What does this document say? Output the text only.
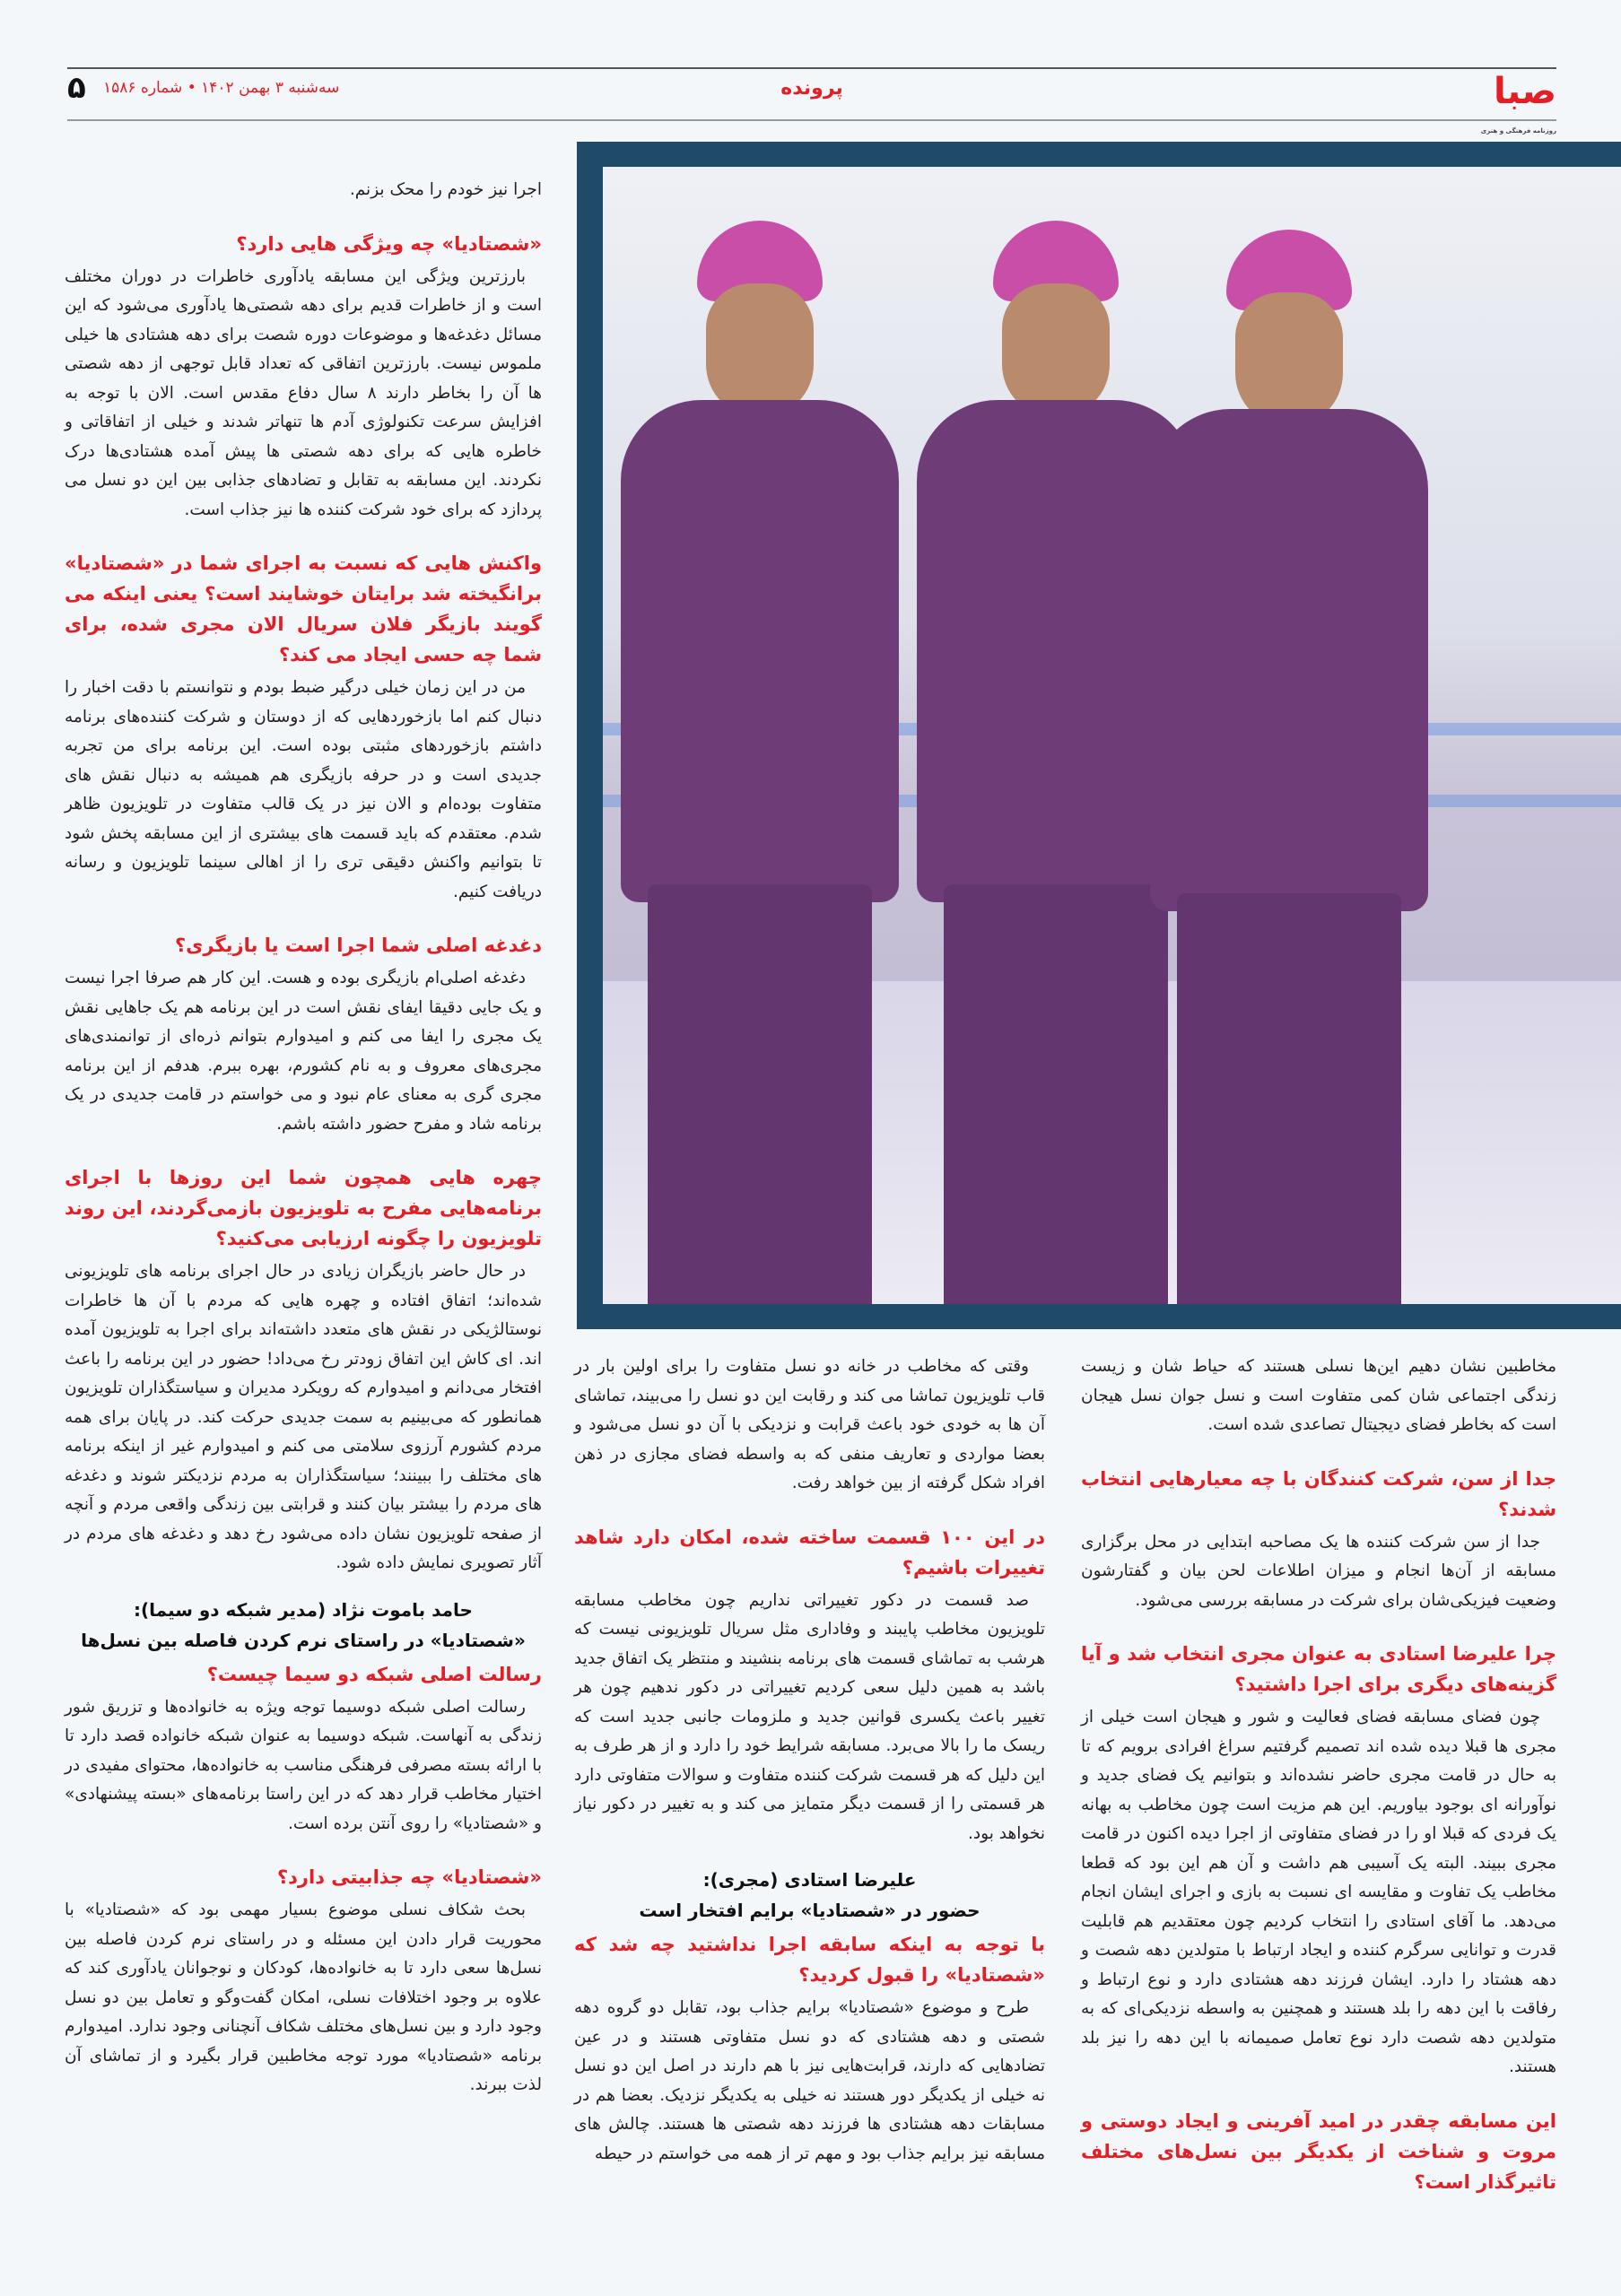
صبا
روزنامه فرهنگی و هنری
پرونده
سه‌شنبه ۳ بهمن ۱۴۰۲ • شماره ۱۵۸۶
۵

اجرا نیز خودم را محک بزنم.

«شصتادیا» چه ویژگی هایی دارد؟

بارزترین ویژگی این مسابقه یادآوری خاطرات در دوران مختلف است و از خاطرات قدیم برای دهه شصتی‌ها یادآوری می‌شود که این مسائل دغدغه‌ها و موضوعات دوره شصت برای دهه هشتادی ها خیلی ملموس نیست. بارزترین اتفاقی که تعداد قابل توجهی از دهه شصتی ها آن را بخاطر دارند ۸ سال دفاع مقدس است. الان با توجه به افزایش سرعت تکنولوژی آدم ها تنهاتر شدند و خیلی از اتفاقاتی و خاطره هایی که برای دهه شصتی ها پیش آمده هشتادی‌ها درک نکردند. این مسابقه به تقابل و تضادهای جذابی بین این دو نسل می پردازد که برای خود شرکت کننده ها نیز جذاب است.

واکنش هایی که نسبت به اجرای شما در «شصتادیا» برانگیخته شد برایتان خوشایند است؟ یعنی اینکه می گویند بازیگر فلان سریال الان مجری شده، برای شما چه حسی ایجاد می کند؟

من در این زمان خیلی درگیر ضبط بودم و نتوانستم با دقت اخبار را دنبال کنم اما بازخوردهایی که از دوستان و شرکت کننده‌های برنامه داشتم بازخوردهای مثبتی بوده است. این برنامه برای من تجربه جدیدی است و در حرفه بازیگری هم همیشه به دنبال نقش های متفاوت بوده‌ام و الان نیز در یک قالب متفاوت در تلویزیون ظاهر شدم. معتقدم که باید قسمت های بیشتری از این مسابقه پخش شود تا بتوانیم واکنش دقیقی تری را از اهالی سینما تلویزیون و رسانه دریافت کنیم.

دغدغه اصلی شما اجرا است یا بازیگری؟

دغدغه اصلی‌ام بازیگری بوده و هست. این کار هم صرفا اجرا نیست و یک جایی دقیقا ایفای نقش است در این برنامه هم یک جاهایی نقش یک مجری را ایفا می کنم و امیدوارم بتوانم ذره‌ای از توانمندی‌های مجری‌های معروف و به نام کشورم، بهره ببرم. هدفم از این برنامه مجری گری به معنای عام نبود و می خواستم در قامت جدیدی در یک برنامه شاد و مفرح حضور داشته باشم.

چهره هایی همچون شما این روزها با اجرای برنامه‌هایی مفرح به تلویزیون بازمی‌گردند، این روند تلویزیون را چگونه ارزیابی می‌کنید؟

در حال حاضر بازیگران زیادی در حال اجرای برنامه های تلویزیونی شده‌اند؛ اتفاق افتاده و چهره هایی که مردم با آن ها خاطرات نوستالژیکی در نقش های متعدد داشته‌اند برای اجرا به تلویزیون آمده اند. ای کاش این اتفاق زودتر رخ می‌داد! حضور در این برنامه را باعث افتخار می‌دانم و امیدوارم که رویکرد مدیران و سیاستگذاران تلویزیون همانطور که می‌بینیم به سمت جدیدی حرکت کند. در پایان برای همه مردم کشورم آرزوی سلامتی می کنم و امیدوارم غیر از اینکه برنامه های مختلف را ببینند؛ سیاستگذاران به مردم نزدیکتر شوند و دغدغه های مردم را بیشتر بیان کنند و قرابتی بین زندگی واقعی مردم و آنچه از صفحه تلویزیون نشان داده می‌شود رخ دهد و دغدغه های مردم در آثار تصویری نمایش داده شود.

حامد باموت نژاد (مدیر شبکه دو سیما):
«شصتادیا» در راستای نرم کردن فاصله بین نسل‌ها
رسالت اصلی شبکه دو سیما چیست؟

رسالت اصلی شبکه دوسیما توجه ویژه به خانواده‌ها و تزریق شور زندگی به آنهاست. شبکه دوسیما به عنوان شبکه خانواده قصد دارد تا با ارائه بسته مصرفی فرهنگی مناسب به خانواده‌ها، محتوای مفیدی در اختیار مخاطب قرار دهد که در این راستا برنامه‌های «بسته پیشنهادی» و «شصتادیا» را روی آنتن برده است.

«شصتادیا» چه جذابیتی دارد؟

بحث شکاف نسلی موضوع بسیار مهمی بود که «شصتادیا» با محوریت قرار دادن این مسئله و در راستای نرم کردن فاصله بین نسل‌ها سعی دارد تا به خانواده‌ها، کودکان و نوجوانان یادآوری کند که علاوه بر وجود اختلافات نسلی، امکان گفت‌وگو و تعامل بین دو نسل وجود دارد و بین نسل‌های مختلف شکاف آنچنانی وجود ندارد. امیدوارم برنامه «شصتادیا» مورد توجه مخاطبین قرار بگیرد و از تماشای آن لذت ببرند.

وقتی که مخاطب در خانه دو نسل متفاوت را برای اولین بار در قاب تلویزیون تماشا می کند و رقابت این دو نسل را می‌بیند، تماشای آن ها به خودی خود باعث قرابت و نزدیکی با آن دو نسل می‌شود و بعضا مواردی و تعاریف منفی که به واسطه فضای مجازی در ذهن افراد شکل گرفته از بین خواهد رفت.

در این ۱۰۰ قسمت ساخته شده، امکان دارد شاهد تغییرات باشیم؟

صد قسمت در دکور تغییراتی نداریم چون مخاطب مسابقه تلویزیون مخاطب پایبند و وفاداری مثل سریال تلویزیونی نیست که هرشب به تماشای قسمت های برنامه بنشیند و منتظر یک اتفاق جدید باشد به همین دلیل سعی کردیم تغییراتی در دکور ندهیم چون هر تغییر باعث یکسری قوانین جدید و ملزومات جانبی جدید است که ریسک ما را بالا می‌برد. مسابقه شرایط خود را دارد و از هر طرف به این دلیل که هر قسمت شرکت کننده متفاوت و سوالات متفاوتی دارد هر قسمتی را از قسمت دیگر متمایز می کند و به تغییر در دکور نیاز نخواهد بود.

علیرضا استادی (مجری):
حضور در «شصتادیا» برایم افتخار است
با توجه به اینکه سابقه اجرا نداشتید چه شد که «شصتادیا» را قبول کردید؟

طرح و موضوع «شصتادیا» برایم جذاب بود، تقابل دو گروه دهه شصتی و دهه هشتادی که دو نسل متفاوتی هستند و در عین تضادهایی که دارند، قرابت‌هایی نیز با هم دارند در اصل این دو نسل نه خیلی از یکدیگر دور هستند نه خیلی به یکدیگر نزدیک. بعضا هم در مسابقات دهه هشتادی ها فرزند دهه شصتی ها هستند. چالش های مسابقه نیز برایم جذاب بود و مهم تر از همه می خواستم در حیطه

مخاطبین نشان دهیم این‌ها نسلی هستند که حیاط شان و زیست زندگی اجتماعی شان کمی متفاوت است و نسل جوان نسل هیجان است که بخاطر فضای دیجیتال تصاعدی شده است.

جدا از سن، شرکت کنندگان با چه معیارهایی انتخاب شدند؟

جدا از سن شرکت کننده ها یک مصاحبه ابتدایی در محل برگزاری مسابقه از آن‌ها انجام و میزان اطلاعات لحن بیان و گفتارشون وضعیت فیزیکی‌شان برای شرکت در مسابقه بررسی می‌شود.

چرا علیرضا استادی به عنوان مجری انتخاب شد و آیا گزینه‌های دیگری برای اجرا داشتید؟

چون فضای مسابقه فضای فعالیت و شور و هیجان است خیلی از مجری ها قبلا دیده شده اند تصمیم گرفتیم سراغ افرادی برویم که تا به حال در قامت مجری حاضر نشده‌اند و بتوانیم یک فضای جدید و نوآورانه ای بوجود بیاوریم. این هم مزیت است چون مخاطب به بهانه یک فردی که قبلا او را در فضای متفاوتی از اجرا دیده اکنون در قامت مجری ببیند. البته یک آسیبی هم داشت و آن هم این بود که قطعا مخاطب یک تفاوت و مقایسه ای نسبت به بازی و اجرای ایشان انجام می‌دهد. ما آقای استادی را انتخاب کردیم چون معتقدیم هم قابلیت قدرت و توانایی سرگرم کننده و ایجاد ارتباط با متولدین دهه شصت و دهه هشتاد را دارد. ایشان فرزند دهه هشتادی دارد و نوع ارتباط و رفاقت با این دهه را بلد هستند و همچنین به واسطه نزدیکی‌ای که به متولدین دهه شصت دارد نوع تعامل صمیمانه با این دهه را نیز بلد هستند.

این مسابقه چقدر در امید آفرینی و ایجاد دوستی و مروت و شناخت از یکدیگر بین نسل‌های مختلف تاثیرگذار است؟
